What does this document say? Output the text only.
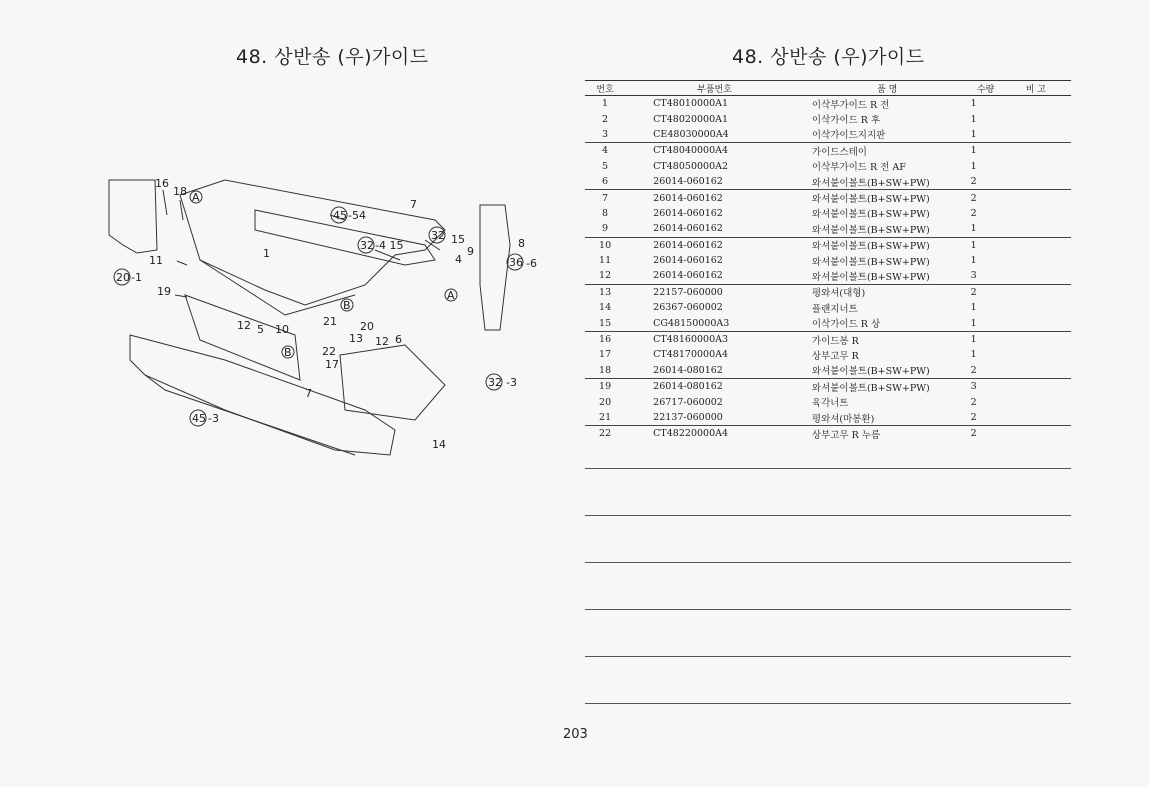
48. 상반송 (우)가이드	48. 상반송 (우)가이드
16
18 A
20 -1
11
19
1
12 5 10
21 20
13
22
17
B
B
12 6
7
45 -54
32 -4 15
32 15
7
9
4
8
36 -6
A
32 -3
45 -3
14
번호	부품번호	품 명	수량	비 고
1	CT48010000A1	이삭부가이드 R 전	1	
2	CT48020000A1	이삭가이드 R 후	1	
3	CE48030000A4	이삭가이드지지판	1	
4	CT48040000A4	가이드스테이	1	
5	CT48050000A2	이삭부가이드 R 전 AF	1	
6	26014-060162	와셔붙이볼트(B+SW+PW)	2	
7	26014-060162	와셔붙이볼트(B+SW+PW)	2	
8	26014-060162	와셔붙이볼트(B+SW+PW)	2	
9	26014-060162	와셔붙이볼트(B+SW+PW)	1	
10	26014-060162	와셔붙이볼트(B+SW+PW)	1	
11	26014-060162	와셔붙이볼트(B+SW+PW)	1	
12	26014-060162	와셔붙이볼트(B+SW+PW)	3	
13	22157-060000	평와셔(대형)	2	
14	26367-060002	플랜지너트	1	
15	CG48150000A3	이삭가이드 R 상	1	
16	CT48160000A3	가이드봉 R	1	
17	CT48170000A4	상부고무 R	1	
18	26014-080162	와셔붙이볼트(B+SW+PW)	2	
19	26014-080162	와셔붙이볼트(B+SW+PW)	3	
20	26717-060002	육각너트	2	
21	22137-060000	평와셔(마봉환)	2	
22	CT48220000A4	상부고무 R 누름	2	
203
